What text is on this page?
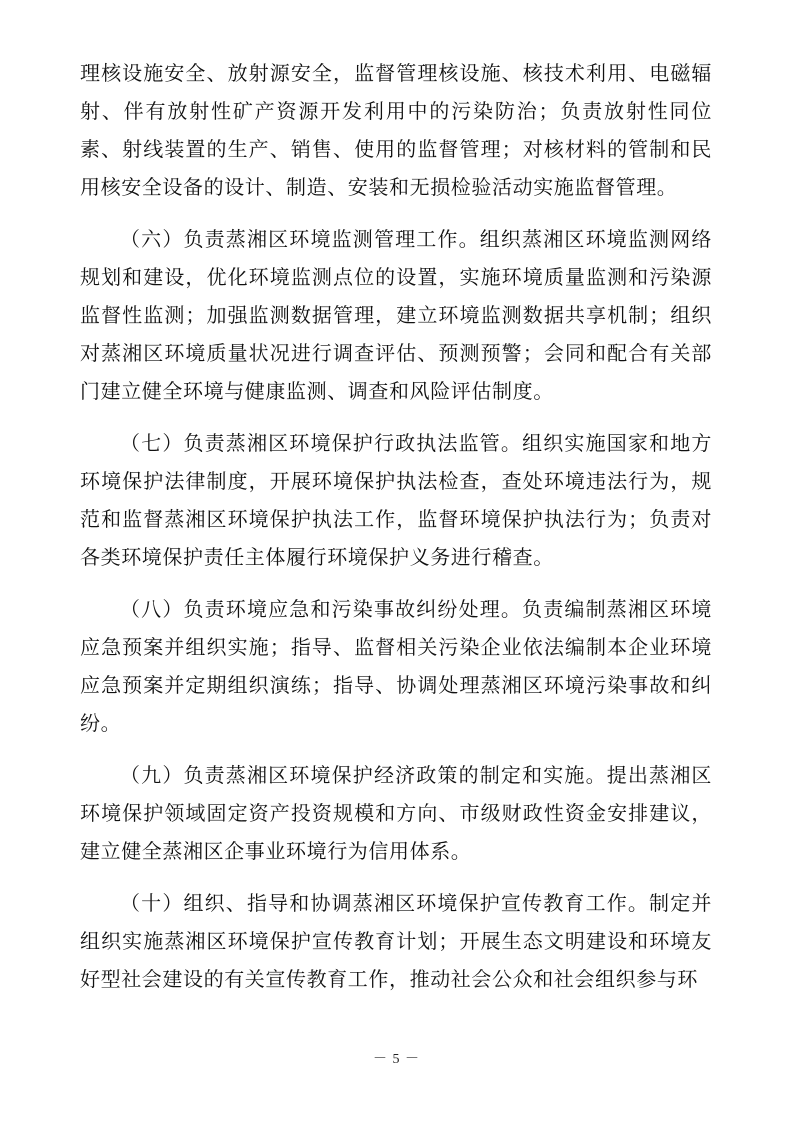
理核设施安全、放射源安全，监督管理核设施、核技术利用、电磁辐射、伴有放射性矿产资源开发利用中的污染防治；负责放射性同位素、射线装置的生产、销售、使用的监督管理；对核材料的管制和民用核安全设备的设计、制造、安装和无损检验活动实施监督管理。

（六）负责蒸湘区环境监测管理工作。组织蒸湘区环境监测网络规划和建设，优化环境监测点位的设置，实施环境质量监测和污染源监督性监测；加强监测数据管理，建立环境监测数据共享机制；组织对蒸湘区环境质量状况进行调查评估、预测预警；会同和配合有关部门建立健全环境与健康监测、调查和风险评估制度。

（七）负责蒸湘区环境保护行政执法监管。组织实施国家和地方环境保护法律制度，开展环境保护执法检查，查处环境违法行为，规范和监督蒸湘区环境保护执法工作，监督环境保护执法行为；负责对各类环境保护责任主体履行环境保护义务进行稽查。

（八）负责环境应急和污染事故纠纷处理。负责编制蒸湘区环境应急预案并组织实施；指导、监督相关污染企业依法编制本企业环境应急预案并定期组织演练；指导、协调处理蒸湘区环境污染事故和纠纷。

（九）负责蒸湘区环境保护经济政策的制定和实施。提出蒸湘区环境保护领域固定资产投资规模和方向、市级财政性资金安排建议，建立健全蒸湘区企事业环境行为信用体系。

（十）组织、指导和协调蒸湘区环境保护宣传教育工作。制定并组织实施蒸湘区环境保护宣传教育计划；开展生态文明建设和环境友好型社会建设的有关宣传教育工作，推动社会公众和社会组织参与环

－ 5 －
